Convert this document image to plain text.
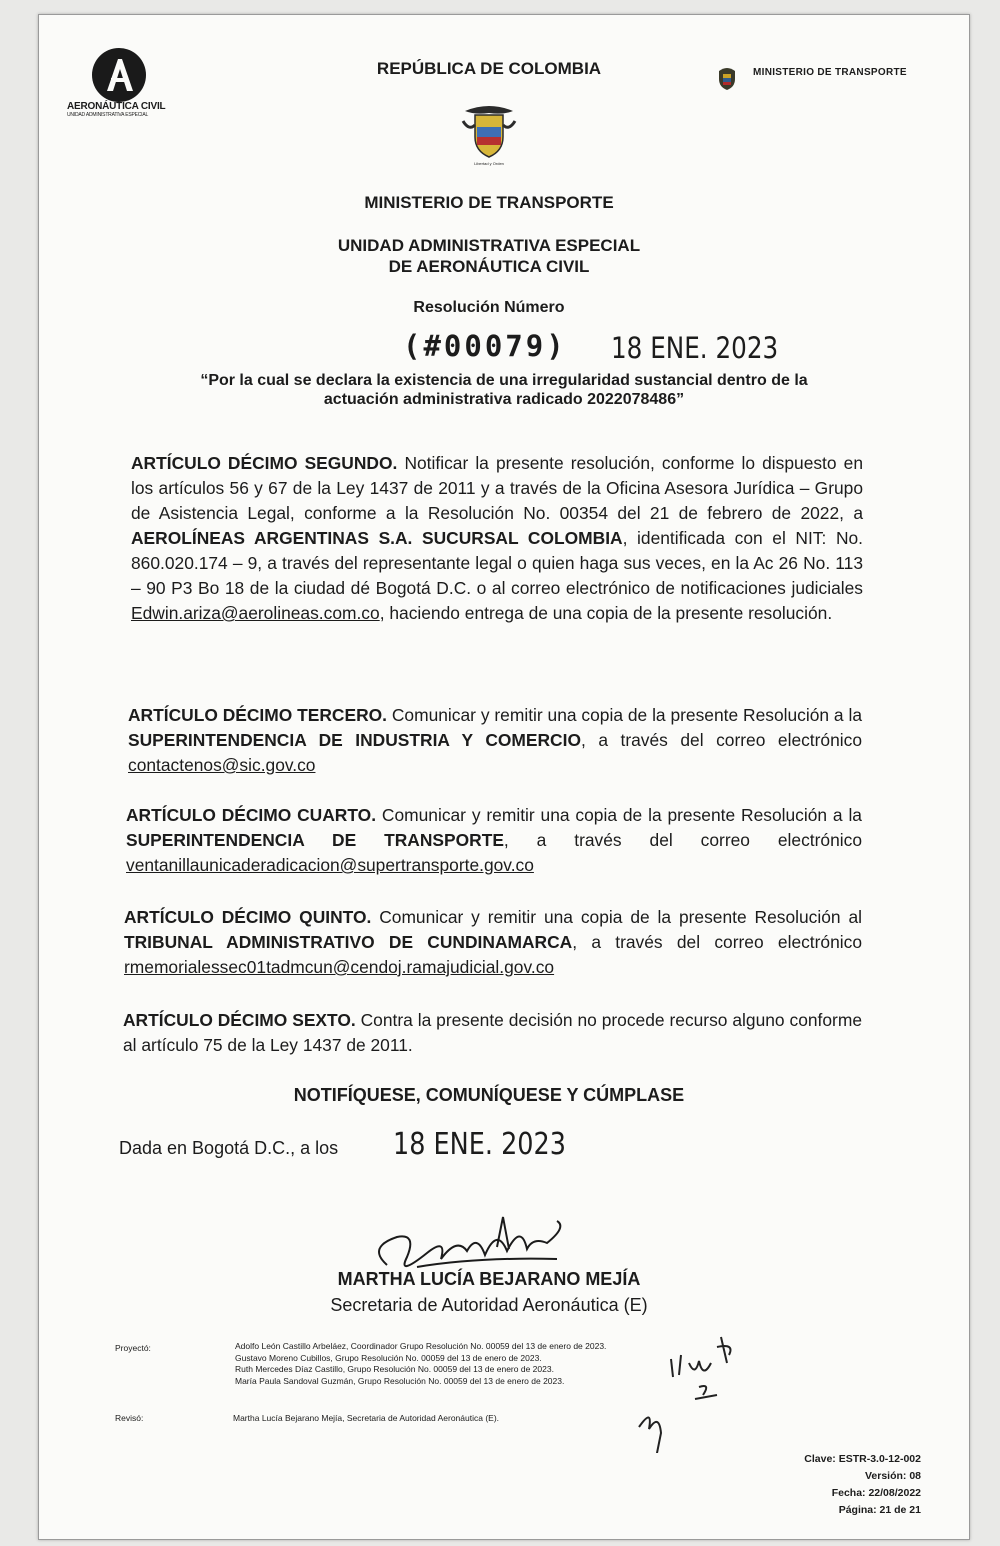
AERONÁUTICA CIVIL
UNIDAD ADMINISTRATIVA ESPECIAL
REPÚBLICA DE COLOMBIA	MINISTERIO DE TRANSPORTE
Libertad y Orden
MINISTERIO DE TRANSPORTE
UNIDAD ADMINISTRATIVA ESPECIAL
DE AERONÁUTICA CIVIL
Resolución Número
(#00079) 18 ENE. 2023
“Por la cual se declara la existencia de una irregularidad sustancial dentro de la
actuación administrativa radicado 2022078486”
ARTÍCULO DÉCIMO SEGUNDO. Notificar la presente resolución, conforme lo dispuesto en los artículos 56 y 67 de la Ley 1437 de 2011 y a través de la Oficina Asesora Jurídica – Grupo de Asistencia Legal, conforme a la Resolución No. 00354 del 21 de febrero de 2022, a AEROLÍNEAS ARGENTINAS S.A. SUCURSAL COLOMBIA, identificada con el NIT: No. 860.020.174 – 9, a través del representante legal o quien haga sus veces, en la Ac 26 No. 113 – 90 P3 Bo 18 de la ciudad dé Bogotá D.C. o al correo electrónico de notificaciones judiciales Edwin.ariza@aerolineas.com.co, haciendo entrega de una copia de la presente resolución.
ARTÍCULO DÉCIMO TERCERO. Comunicar y remitir una copia de la presente Resolución a la SUPERINTENDENCIA DE INDUSTRIA Y COMERCIO, a través del correo electrónico contactenos@sic.gov.co
ARTÍCULO DÉCIMO CUARTO. Comunicar y remitir una copia de la presente Resolución a la SUPERINTENDENCIA DE TRANSPORTE, a través del correo electrónico ventanillaunicaderadicacion@supertransporte.gov.co
ARTÍCULO DÉCIMO QUINTO. Comunicar y remitir una copia de la presente Resolución al TRIBUNAL ADMINISTRATIVO DE CUNDINAMARCA, a través del correo electrónico rmemorialessec01tadmcun@cendoj.ramajudicial.gov.co
ARTÍCULO DÉCIMO SEXTO. Contra la presente decisión no procede recurso alguno conforme al artículo 75 de la Ley 1437 de 2011.
NOTIFÍQUESE, COMUNÍQUESE Y CÚMPLASE
Dada en Bogotá D.C., a los 18 ENE. 2023
MARTHA LUCÍA BEJARANO MEJÍA
Secretaria de Autoridad Aeronáutica (E)
Proyectó:	Adolfo León Castillo Arbeláez, Coordinador Grupo Resolución No. 00059 del 13 de enero de 2023.
Gustavo Moreno Cubillos, Grupo Resolución No. 00059 del 13 de enero de 2023.
Ruth Mercedes Díaz Castillo, Grupo Resolución No. 00059 del 13 de enero de 2023.
María Paula Sandoval Guzmán, Grupo Resolución No. 00059 del 13 de enero de 2023.
Revisó:	Martha Lucía Bejarano Mejía, Secretaria de Autoridad Aeronáutica (E).
Clave: ESTR-3.0-12-002
Versión: 08
Fecha: 22/08/2022
Página: 21 de 21
